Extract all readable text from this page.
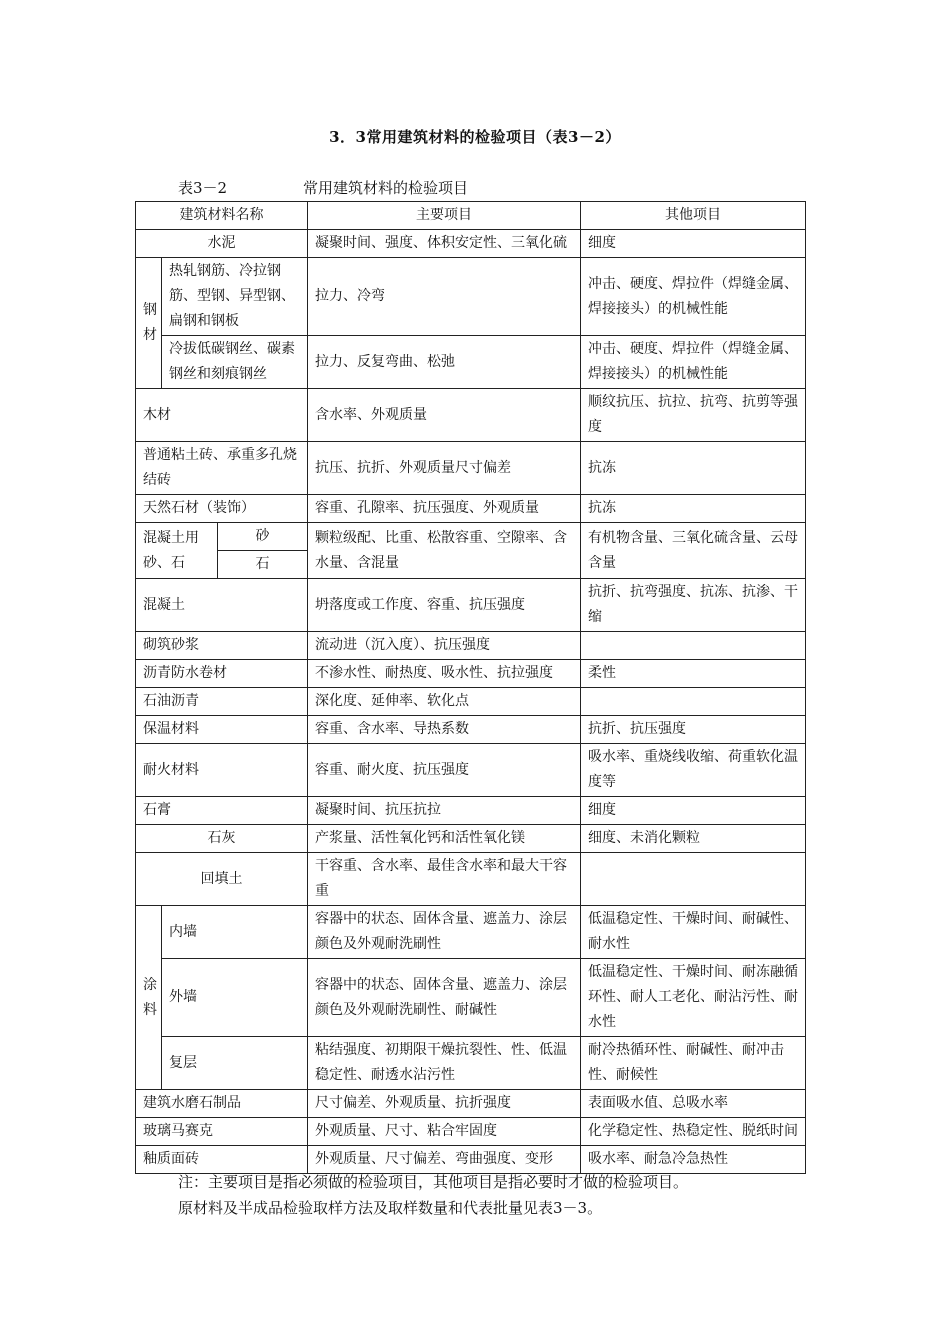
3．3常用建筑材料的检验项目（表3－2）
表3－2	常用建筑材料的检验项目
建筑材料名称			主要项目	其他项目
水泥			凝聚时间、强度、体积安定性、三氧化硫	细度
钢
材	热轧钢筋、冷拉钢筋、型钢、异型钢、扁钢和钢板		拉力、冷弯	冲击、硬度、焊拉件（焊缝金属、焊接接头）的机械性能
	冷拔低碳钢丝、碳素钢丝和刻痕钢丝		拉力、反复弯曲、松弛	冲击、硬度、焊拉件（焊缝金属、焊接接头）的机械性能
木材			含水率、外观质量	顺纹抗压、抗拉、抗弯、抗剪等强度
普通粘土砖、承重多孔烧结砖			抗压、抗折、外观质量尺寸偏差	抗冻
天然石材（装饰）			容重、孔隙率、抗压强度、外观质量	抗冻
混凝土用砂、石		砂	颗粒级配、比重、松散容重、空隙率、含水量、含混量	有机物含量、三氧化硫含量、云母含量
		石		
混凝土			坍落度或工作度、容重、抗压强度	抗折、抗弯强度、抗冻、抗渗、干缩
砌筑砂浆			流动进（沉入度）、抗压强度	
沥青防水卷材			不渗水性、耐热度、吸水性、抗拉强度	柔性
石油沥青			深化度、延伸率、软化点	
保温材料			容重、含水率、导热系数	抗折、抗压强度
耐火材料			容重、耐火度、抗压强度	吸水率、重烧线收缩、荷重软化温度等
石膏			凝聚时间、抗压抗拉	细度
石灰			产浆量、活性氧化钙和活性氧化镁	细度、未消化颗粒
回填土			干容重、含水率、最佳含水率和最大干容重	
涂
料	内墙		容器中的状态、固体含量、遮盖力、涂层颜色及外观耐洗刷性	低温稳定性、干燥时间、耐碱性、耐水性
	外墙		容器中的状态、固体含量、遮盖力、涂层颜色及外观耐洗刷性、耐碱性	低温稳定性、干燥时间、耐冻融循环性、耐人工老化、耐沾污性、耐水性
	复层		粘结强度、初期限干燥抗裂性、性、低温稳定性、耐透水沾污性	耐冷热循环性、耐碱性、耐冲击性、耐候性
建筑水磨石制品			尺寸偏差、外观质量、抗折强度	表面吸水值、总吸水率
玻璃马赛克			外观质量、尺寸、粘合牢固度	化学稳定性、热稳定性、脱纸时间
釉质面砖			外观质量、尺寸偏差、弯曲强度、变形	吸水率、耐急冷急热性
注：主要项目是指必须做的检验项目，其他项目是指必要时才做的检验项目。
原材料及半成品检验取样方法及取样数量和代表批量见表3－3。
